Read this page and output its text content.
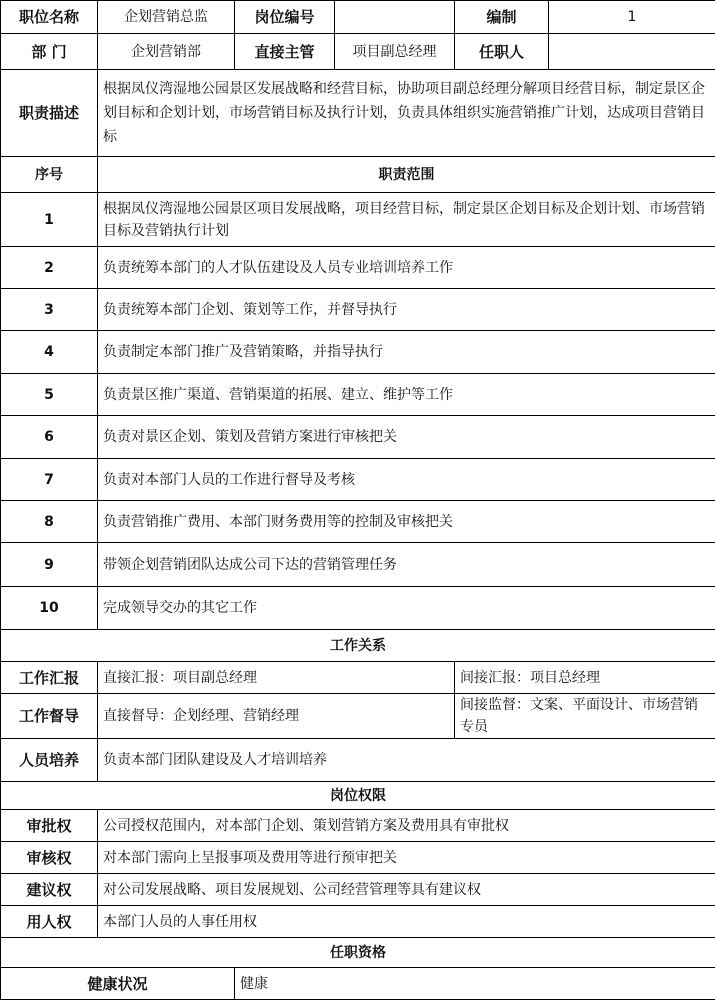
职位名称	企划营销总监	岗位编号		编制	1
部 门	企划营销部	直接主管	项目副总经理	任职人	
职责描述	根据凤仪湾湿地公园景区发展战略和经营目标，协助项目副总经理分解项目经营目标，制定景区企划目标和企划计划，市场营销目标及执行计划，负责具体组织实施营销推广计划，达成项目营销目标				
序号	职责范围				
1	根据凤仪湾湿地公园景区项目发展战略，项目经营目标，制定景区企划目标及企划计划、市场营销目标及营销执行计划				
2	负责统筹本部门的人才队伍建设及人员专业培训培养工作				
3	负责统筹本部门企划、策划等工作，并督导执行				
4	负责制定本部门推广及营销策略，并指导执行				
5	负责景区推广渠道、营销渠道的拓展、建立、维护等工作				
6	负责对景区企划、策划及营销方案进行审核把关				
7	负责对本部门人员的工作进行督导及考核				
8	负责营销推广费用、本部门财务费用等的控制及审核把关				
9	带领企划营销团队达成公司下达的营销管理任务				
10	完成领导交办的其它工作				
工作关系					
工作汇报	直接汇报：项目副总经理			间接汇报：项目总经理	
工作督导	直接督导：企划经理、营销经理			间接监督：文案、平面设计、市场营销专员	
人员培养	负责本部门团队建设及人才培训培养				
岗位权限					
审批权	公司授权范围内，对本部门企划、策划营销方案及费用具有审批权				
审核权	对本部门需向上呈报事项及费用等进行预审把关				
建议权	对公司发展战略、项目发展规划、公司经营管理等具有建议权				
用人权	本部门人员的人事任用权				
任职资格					
健康状况		健康			
